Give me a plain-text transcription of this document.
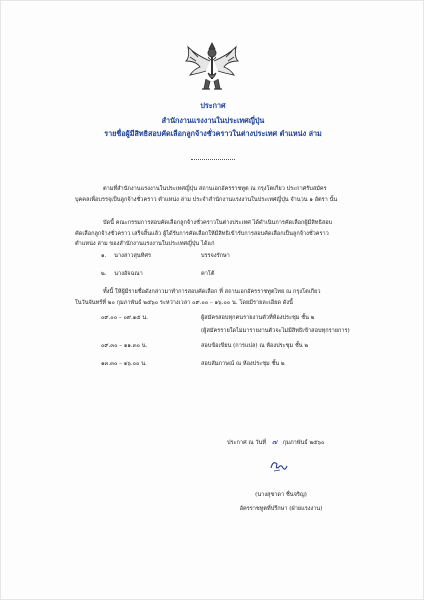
ประกาศ
สำนักงานแรงงานในประเทศญี่ปุ่น
รายชื่อผู้มีสิทธิสอบคัดเลือกลูกจ้างชั่วคราวในต่างประเทศ ตำแหน่ง ล่าม
ตามที่สำนักงานแรงงานในประเทศญี่ปุ่น สถานเอกอัครราชทูต ณ กรุงโตเกียว ประกาศรับสมัคร
บุคคลเพื่อบรรจุเป็นลูกจ้างชั่วคราว ตำแหน่ง ล่าม ประจำสำนักงานแรงงานในประเทศญี่ปุ่น จำนวน ๑ อัตรา นั้น
บัดนี้ คณะกรรมการสอบคัดเลือกลูกจ้างชั่วคราวในต่างประเทศ ได้ดำเนินการคัดเลือกผู้มีสิทธิสอบ
คัดเลือกลูกจ้างชั่วคราว เสร็จสิ้นแล้ว ผู้ได้รับการคัดเลือกให้มีสิทธิเข้ารับการสอบคัดเลือกเป็นลูกจ้างชั่วคราว
ตำแหน่ง ล่าม ของสำนักงานแรงงานในประเทศญี่ปุ่น ได้แก่
๑. นางสาวสุนทิศร	บรรจงรักษา
๒. นางอัจฉณา	คาโต้
ทั้งนี้ ให้ผู้มีรายชื่อดังกล่าวมาทำการสอบคัดเลือก ที่ สถานเอกอัครราชทูตไทย ณ กรุงโตเกียว
ในวันจันทร์ที่ ๒๐ กุมภาพันธ์ ๒๕๖๐ ระหว่างเวลา ๐๙.๐๐ – ๑๖.๐๐ น. โดยมีรายละเอียด ดังนี้
๐๙.๐๐ – ๐๙.๑๕ น.	ผู้สมัครสอบทุกคนรายงานตัวที่ห้องประชุม ชั้น ๒
(ผู้สมัครรายใดไม่มารายงานตัวจะไม่มีสิทธิเข้าสอบทุกรายการ)
๐๙.๓๐ – ๑๑.๓๐ น.	สอบข้อเขียน (การแปล) ณ ห้องประชุม ชั้น ๒
๑๓.๓๐ – ๑๖.๐๐ น.	สอบสัมภาษณ์ ณ ห้องประชุม ชั้น ๒
ประกาศ ณ วันที่ ๗ กุมภาพันธ์ ๒๕๖๐
(นางสุชาดา ชื่นจริญ)
อัครราชทูตที่ปรึกษา (ฝ่ายแรงงาน)
